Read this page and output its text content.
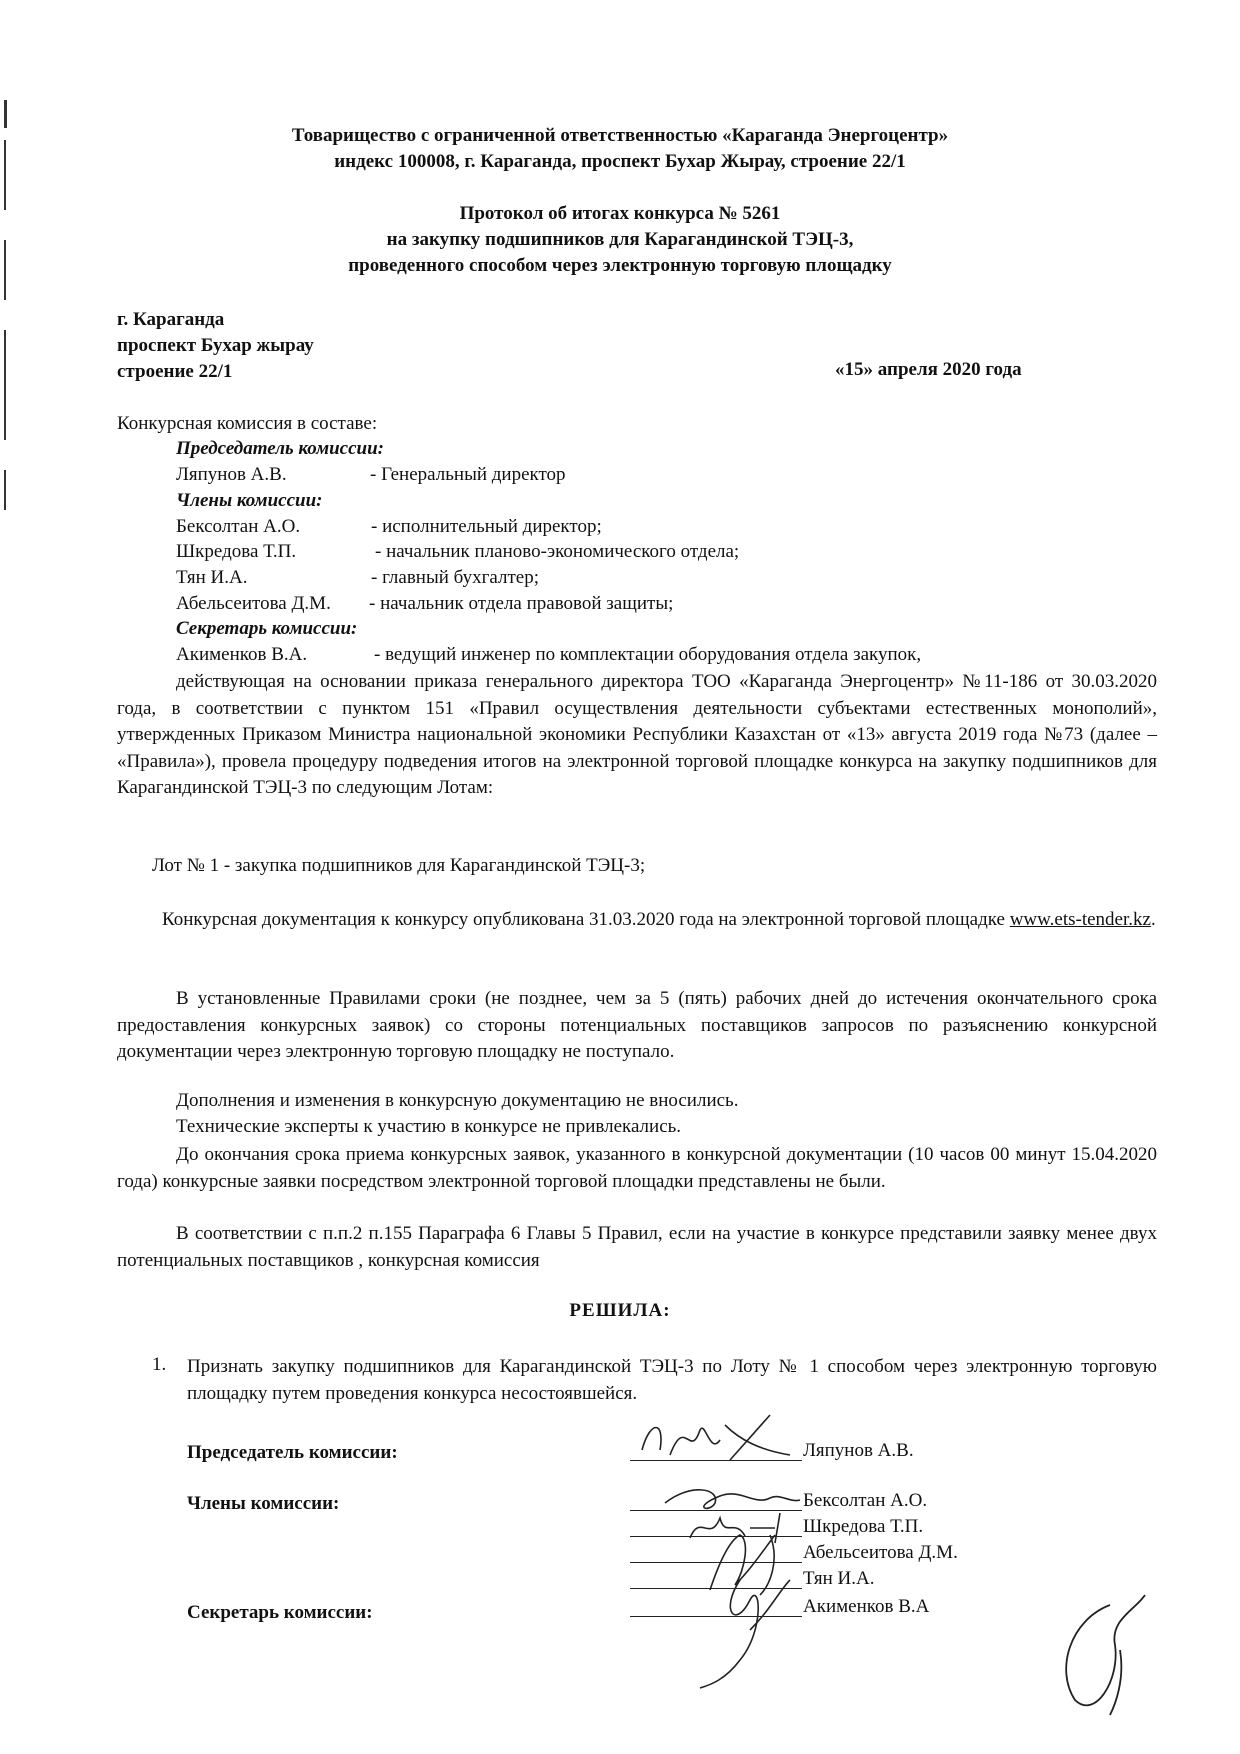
Товарищество с ограниченной ответственностью «Караганда Энергоцентр»
индекс 100008, г. Караганда, проспект Бухар Жырау, строение 22/1
Протокол об итогах конкурса № 5261
на закупку подшипников для Карагандинской ТЭЦ-3,
проведенного способом через электронную торговую площадку
г. Караганда
проспект Бухар жырау
строение 22/1	«15» апреля 2020 года
Конкурсная комиссия в составе:
Председатель комиссии:
Ляпунов А.В.	- Генеральный директор
Члены комиссии:
Бексолтан А.О.	- исполнительный директор;
Шкредова Т.П.	- начальник планово-экономического отдела;
Тян И.А.	- главный бухгалтер;
Абельсеитова Д.М. - начальник отдела правовой защиты;
Секретарь комиссии:
Акименков В.А.	- ведущий инженер по комплектации оборудования отдела закупок,
действующая на основании приказа генерального директора ТОО «Караганда Энергоцентр» №11-186 от 30.03.2020 года, в соответствии с пунктом 151 «Правил осуществления деятельности субъектами естественных монополий», утвержденных Приказом Министра национальной экономики Республики Казахстан от «13» августа 2019 года №73 (далее – «Правила»), провела процедуру подведения итогов на электронной торговой площадке конкурса на закупку подшипников для Карагандинской ТЭЦ-3 по следующим Лотам:
Лот № 1 - закупка подшипников для Карагандинской ТЭЦ-3;
Конкурсная документация к конкурсу опубликована 31.03.2020 года на электронной торговой площадке www.ets-tender.kz.
В установленные Правилами сроки (не позднее, чем за 5 (пять) рабочих дней до истечения окончательного срока предоставления конкурсных заявок) со стороны потенциальных поставщиков запросов по разъяснению конкурсной документации через электронную торговую площадку не поступало.
Дополнения и изменения в конкурсную документацию не вносились.
Технические эксперты к участию в конкурсе не привлекались.
До окончания срока приема конкурсных заявок, указанного в конкурсной документации (10 часов 00 минут 15.04.2020 года) конкурсные заявки посредством электронной торговой площадки представлены не были.
В соответствии с п.п.2 п.155 Параграфа 6 Главы 5 Правил, если на участие в конкурсе представили заявку менее двух потенциальных поставщиков , конкурсная комиссия
РЕШИЛА:
1. Признать закупку подшипников для Карагандинской ТЭЦ-3 по Лоту № 1 способом через электронную торговую площадку путем проведения конкурса несостоявшейся.
Председатель комиссии:	Ляпунов А.В.
Члены комиссии:	Бексолтан А.О.
Шкредова Т.П.
Абельсеитова Д.М.
Тян И.А.
Секретарь комиссии:	Акименков В.А
